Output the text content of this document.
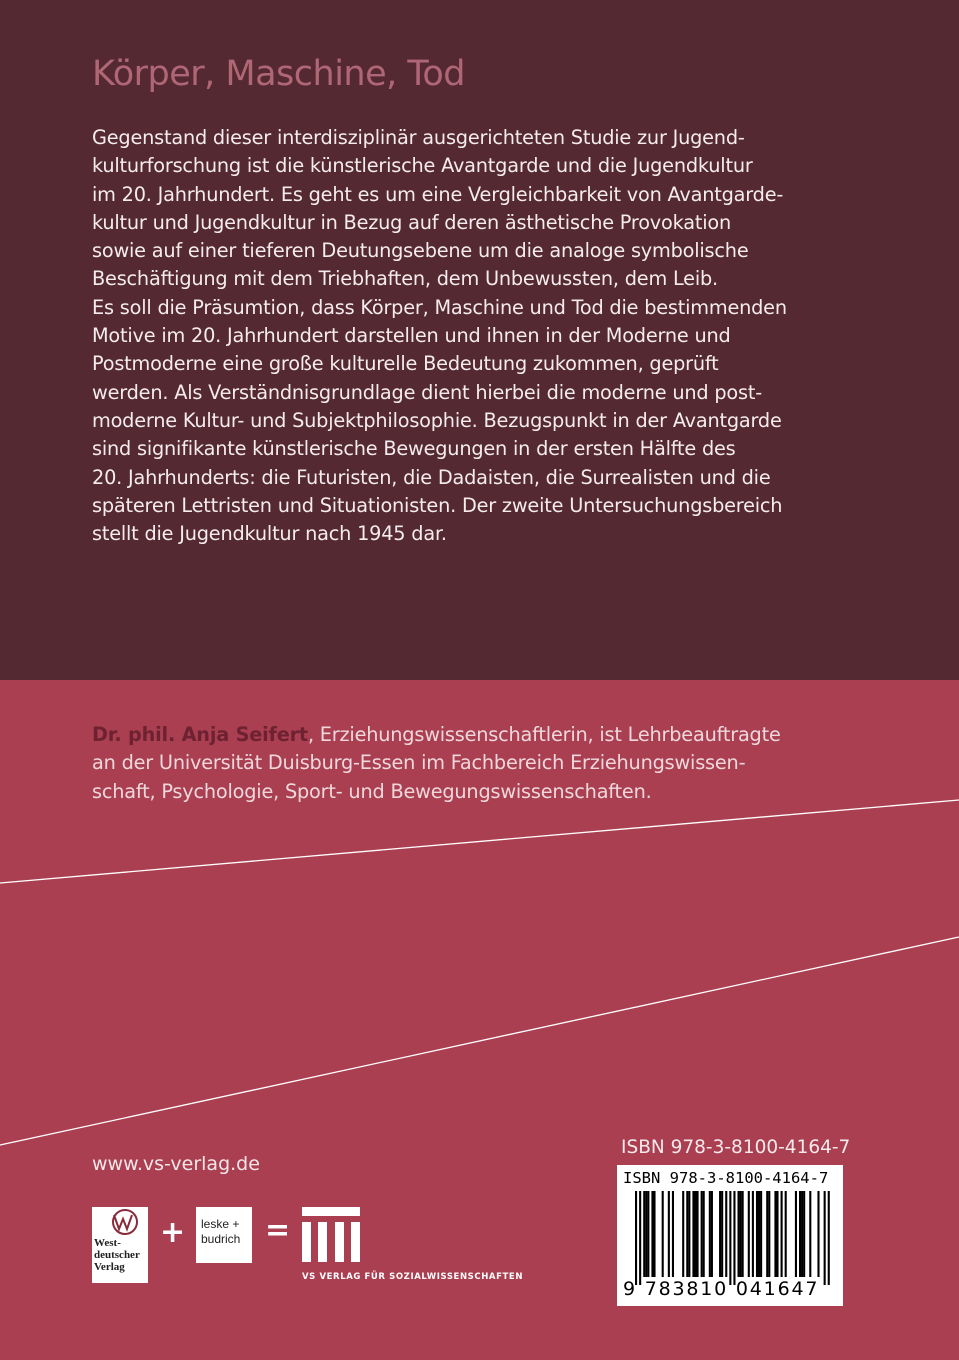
Körper, Maschine, Tod
Gegenstand dieser interdisziplinär ausgerichteten Studie zur Jugend-
kulturforschung ist die künstlerische Avantgarde und die Jugendkultur
im 20. Jahrhundert. Es geht es um eine Vergleichbarkeit von Avantgarde-
kultur und Jugendkultur in Bezug auf deren ästhetische Provokation
sowie auf einer tieferen Deutungsebene um die analoge symbolische
Beschäftigung mit dem Triebhaften, dem Unbewussten, dem Leib.
Es soll die Präsumtion, dass Körper, Maschine und Tod die bestimmenden
Motive im 20. Jahrhundert darstellen und ihnen in der Moderne und
Postmoderne eine große kulturelle Bedeutung zukommen, geprüft
werden. Als Verständnisgrundlage dient hierbei die moderne und post-
moderne Kultur- und Subjektphilosophie. Bezugspunkt in der Avantgarde
sind signifikante künstlerische Bewegungen in der ersten Hälfte des
20. Jahrhunderts: die Futuristen, die Dadaisten, die Surrealisten und die
späteren Lettristen und Situationisten. Der zweite Untersuchungsbereich
stellt die Jugendkultur nach 1945 dar.
Dr. phil. Anja Seifert, Erziehungswissenschaftlerin, ist Lehrbeauftragte
an der Universität Duisburg-Essen im Fachbereich Erziehungswissen-
schaft, Psychologie, Sport- und Bewegungswissenschaften.
www.vs-verlag.de
West-
deutscher
Verlag
+ leske +
budrich =
VS VERLAG FÜR SOZIALWISSENSCHAFTEN
ISBN 978-3-8100-4164-7
ISBN 978-3-8100-4164-7
9 783810 041647
